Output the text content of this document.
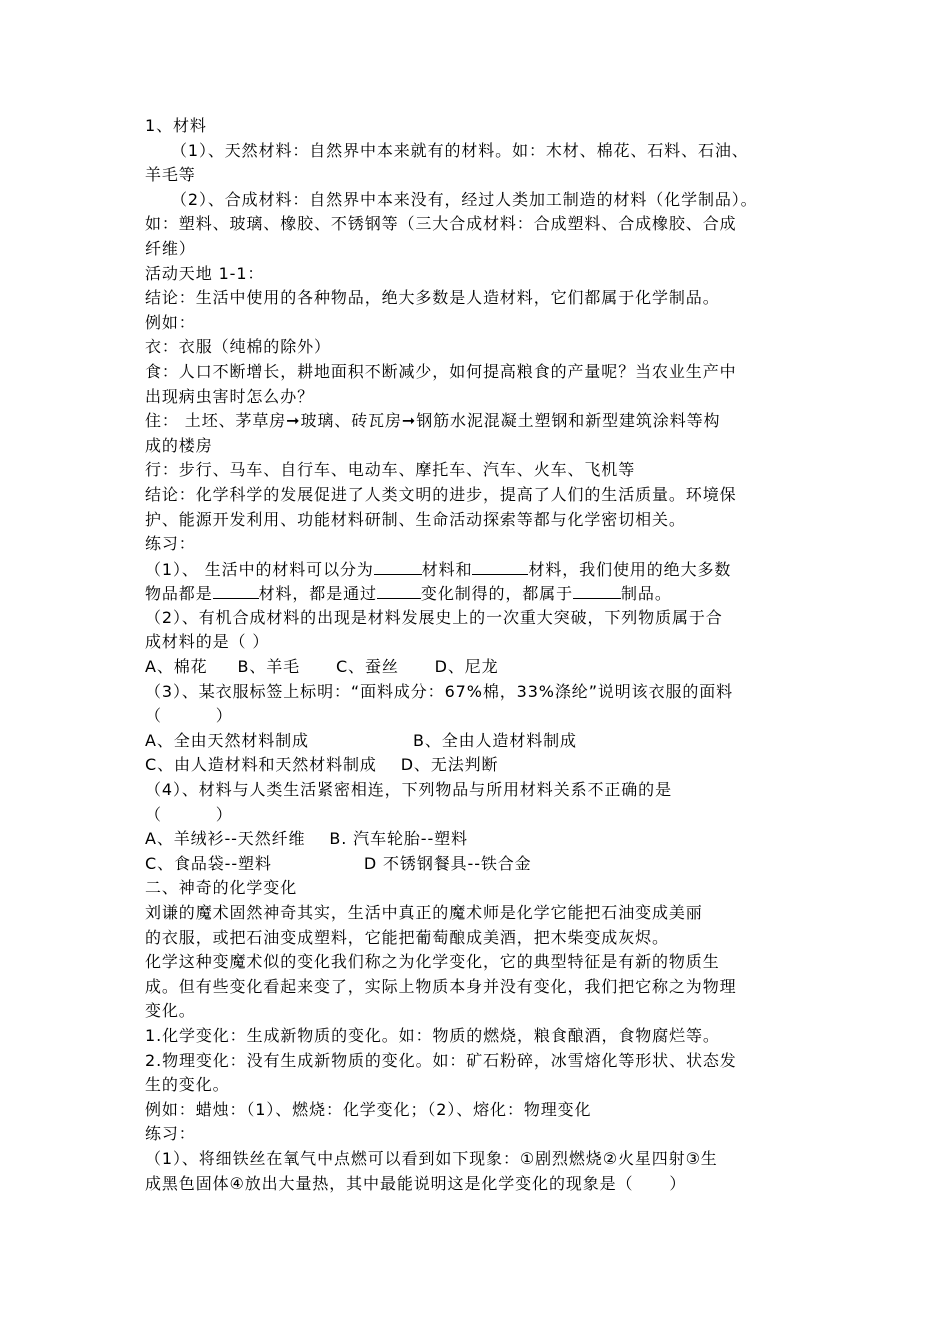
1、材料
（1）、天然材料：自然界中本来就有的材料。如：木材、棉花、石料、石油、
羊毛等
（2）、合成材料：自然界中本来没有，经过人类加工制造的材料（化学制品）。
如：塑料、玻璃、橡胶、不锈钢等（三大合成材料：合成塑料、合成橡胶、合成
纤维）
活动天地 1-1：
结论：生活中使用的各种物品，绝大多数是人造材料，它们都属于化学制品。
例如：
衣：衣服（纯棉的除外）
食：人口不断增长，耕地面积不断减少，如何提高粮食的产量呢？当农业生产中
出现病虫害时怎么办？
住： 土坯、茅草房➞玻璃、砖瓦房➞钢筋水泥混凝土塑钢和新型建筑涂料等构
成的楼房
行：步行、马车、自行车、电动车、摩托车、汽车、火车、飞机等
结论：化学科学的发展促进了人类文明的进步，提高了人们的生活质量。环境保
护、能源开发利用、功能材料研制、生命活动探索等都与化学密切相关。
练习：
（1）、 生活中的材料可以分为	材料和	材料，我们使用的绝大多数
物品都是	材料，都是通过	变化制得的，都属于	制品。
（2）、有机合成材料的出现是材料发展史上的一次重大突破，下列物质属于合
成材料的是（ ）
A、棉花     B、羊毛      C、蚕丝      D、尼龙
（3）、某衣服标签上标明：“面料成分：67%棉，33%涤纶”说明该衣服的面料
（         ）
A、全由天然材料制成	B、全由人造材料制成
C、由人造材料和天然材料制成    D、无法判断
（4）、材料与人类生活紧密相连，下列物品与所用材料关系不正确的是
（         ）
A、羊绒衫--天然纤维    B. 汽车轮胎--塑料
C、食品袋--塑料	D 不锈钢餐具--铁合金
二、神奇的化学变化
刘谦的魔术固然神奇其实，生活中真正的魔术师是化学它能把石油变成美丽
的衣服，或把石油变成塑料，它能把葡萄酿成美酒，把木柴变成灰烬。
化学这种变魔术似的变化我们称之为化学变化，它的典型特征是有新的物质生
成。但有些变化看起来变了，实际上物质本身并没有变化，我们把它称之为物理
变化。
1.化学变化：生成新物质的变化。如：物质的燃烧，粮食酿酒，食物腐烂等。
2.物理变化：没有生成新物质的变化。如：矿石粉碎，冰雪熔化等形状、状态发
生的变化。
例如：蜡烛：（1）、燃烧：化学变化；（2）、熔化：物理变化
练习：
（1）、将细铁丝在氧气中点燃可以看到如下现象：①剧烈燃烧②火星四射③生
成黑色固体④放出大量热，其中最能说明这是化学变化的现象是（      ）
